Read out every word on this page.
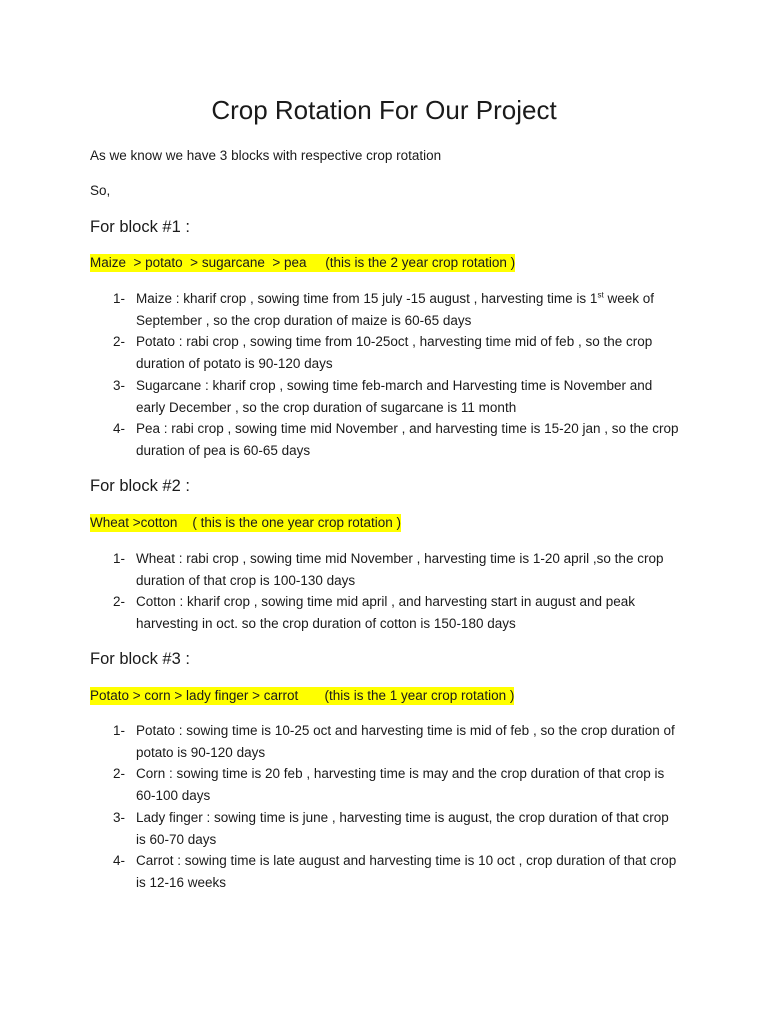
Crop Rotation For Our Project

As we know we have 3 blocks with respective crop rotation

So,

For block #1 :

Maize  > potato  > sugarcane  > pea     (this is the 2 year crop rotation )

1- Maize : kharif crop , sowing time from 15 july -15 august , harvesting time is 1st week of September , so the crop duration of maize is 60-65 days
2- Potato : rabi crop , sowing time from 10-25oct , harvesting time mid of feb , so the crop duration of potato is 90-120 days
3- Sugarcane : kharif crop , sowing time feb-march and Harvesting time is November and early December , so the crop duration of sugarcane is 11 month
4- Pea : rabi crop , sowing time mid November , and harvesting time is 15-20 jan , so the crop duration of pea is 60-65 days
For block #2 :

Wheat >cotton    ( this is the one year crop rotation )

1- Wheat : rabi crop , sowing time mid November , harvesting time is 1-20 april ,so the crop duration of that crop is 100-130 days
2- Cotton : kharif crop , sowing time mid april , and harvesting start in august and peak harvesting in oct. so the crop duration of cotton is 150-180 days
For block #3 :

Potato > corn > lady finger > carrot       (this is the 1 year crop rotation )

1- Potato : sowing time is 10-25 oct and harvesting time is mid of feb , so the crop duration of potato is 90-120 days
2- Corn : sowing time is 20 feb , harvesting time is may and the crop duration of that crop is 60-100 days
3- Lady finger : sowing time is june , harvesting time is august, the crop duration of that crop is 60-70 days
4- Carrot : sowing time is late august and harvesting time is 10 oct , crop duration of that crop is 12-16 weeks
